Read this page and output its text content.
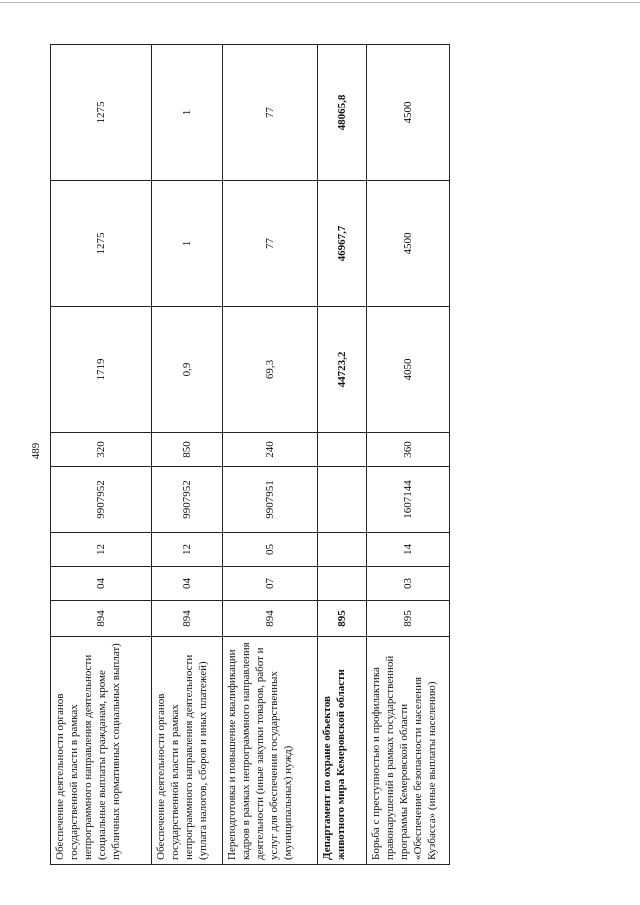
489
Обеспечение деятельности органов государственной власти в рамках непрограммного направления деятельности (социальные выплаты гражданам, кроме публичных нормативных социальных выплат)	894	04	12	9907952	320	1719	1275	1275
Обеспечение деятельности органов государственной власти в рамках непрограммного направления деятельности (уплата налогов, сборов и иных платежей)	894	04	12	9907952	850	0,9	1	1
Переподготовка и повышение квалификации кадров в рамках непрограммного направления деятельности (иные закупки товаров, работ и услуг для обеспечения государственных (муниципальных) нужд)	894	07	05	9907951	240	69,3	77	77
Департамент по охране объектов животного мира Кемеровской области	895					44723,2	46967,7	48065,8
Борьба с преступностью и профилактика правонарушений в рамках государственной программы Кемеровской области «Обеспечение безопасности населения Кузбасса» (иные выплаты населению)	895	03	14	1607144	360	4050	4500	4500
